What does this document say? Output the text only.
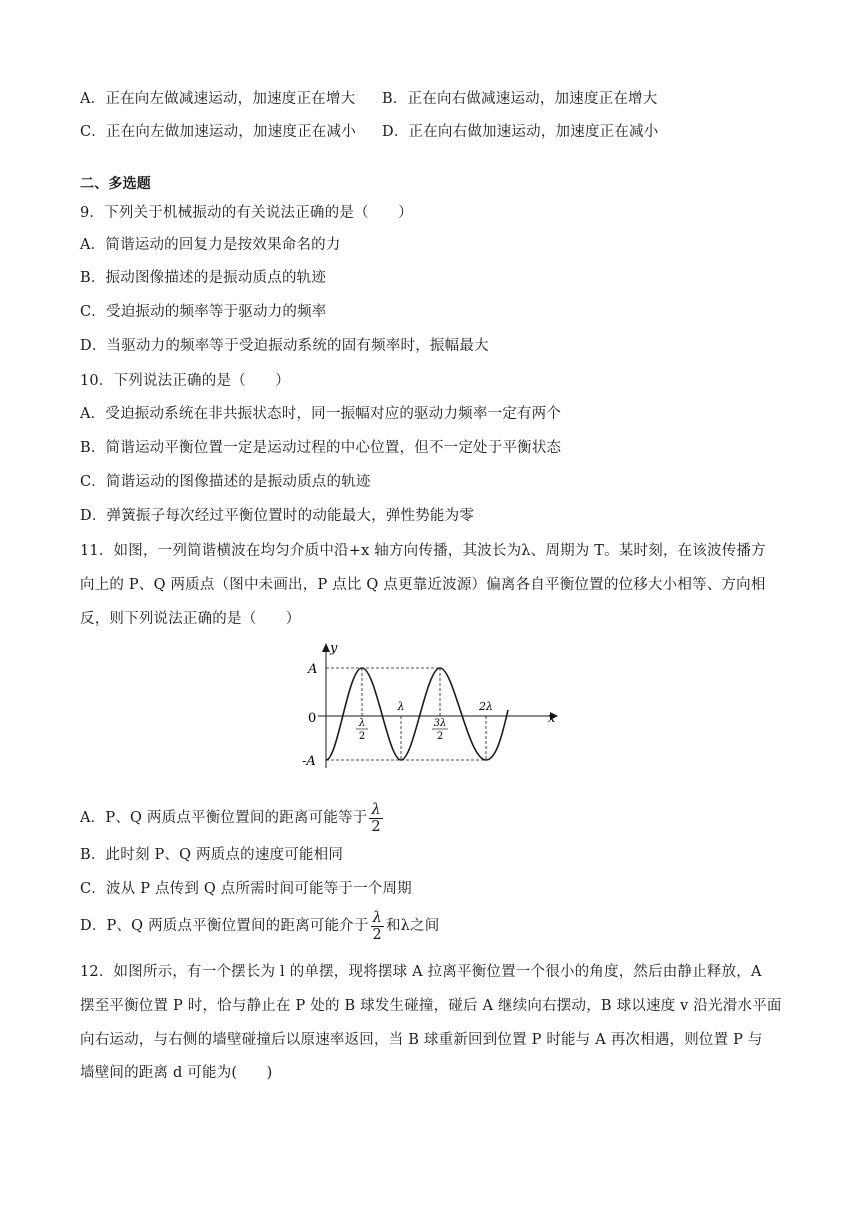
A．正在向左做减速运动，加速度正在增大 B．正在向右做减速运动，加速度正在增大
C．正在向左做加速运动，加速度正在减小 D．正在向右做加速运动，加速度正在减小
二、多选题
9．下列关于机械振动的有关说法正确的是（　　）
A．简谐运动的回复力是按效果命名的力
B．振动图像描述的是振动质点的轨迹
C．受迫振动的频率等于驱动力的频率
D．当驱动力的频率等于受迫振动系统的固有频率时，振幅最大
10．下列说法正确的是（　　）
A．受迫振动系统在非共振状态时，同一振幅对应的驱动力频率一定有两个
B．简谐运动平衡位置一定是运动过程的中心位置，但不一定处于平衡状态
C．简谐运动的图像描述的是振动质点的轨迹
D．弹簧振子每次经过平衡位置时的动能最大，弹性势能为零
11．如图，一列简谐横波在均匀介质中沿+x 轴方向传播，其波长为λ、周期为 T。某时刻，在该波传播方
向上的 P、Q 两质点（图中未画出，P 点比 Q 点更靠近波源）偏离各自平衡位置的位移大小相等、方向相
反，则下列说法正确的是（　　）
y
x
0
A
-A
λ
2
λ
3λ
2
2λ
A．P、Q 两质点平衡位置间的距离可能等于 $\frac{\lambda}{2}$
B．此时刻 P、Q 两质点的速度可能相同
C．波从 P 点传到 Q 点所需时间可能等于一个周期
D．P、Q 两质点平衡位置间的距离可能介于 $\frac{\lambda}{2}$ 和λ之间
12．如图所示，有一个摆长为 l 的单摆，现将摆球 A 拉离平衡位置一个很小的角度，然后由静止释放，A
摆至平衡位置 P 时，恰与静止在 P 处的 B 球发生碰撞，碰后 A 继续向右摆动，B 球以速度 v 沿光滑水平面
向右运动，与右侧的墙壁碰撞后以原速率返回，当 B 球重新回到位置 P 时能与 A 再次相遇，则位置 P 与
墙壁间的距离 d 可能为(　　)
